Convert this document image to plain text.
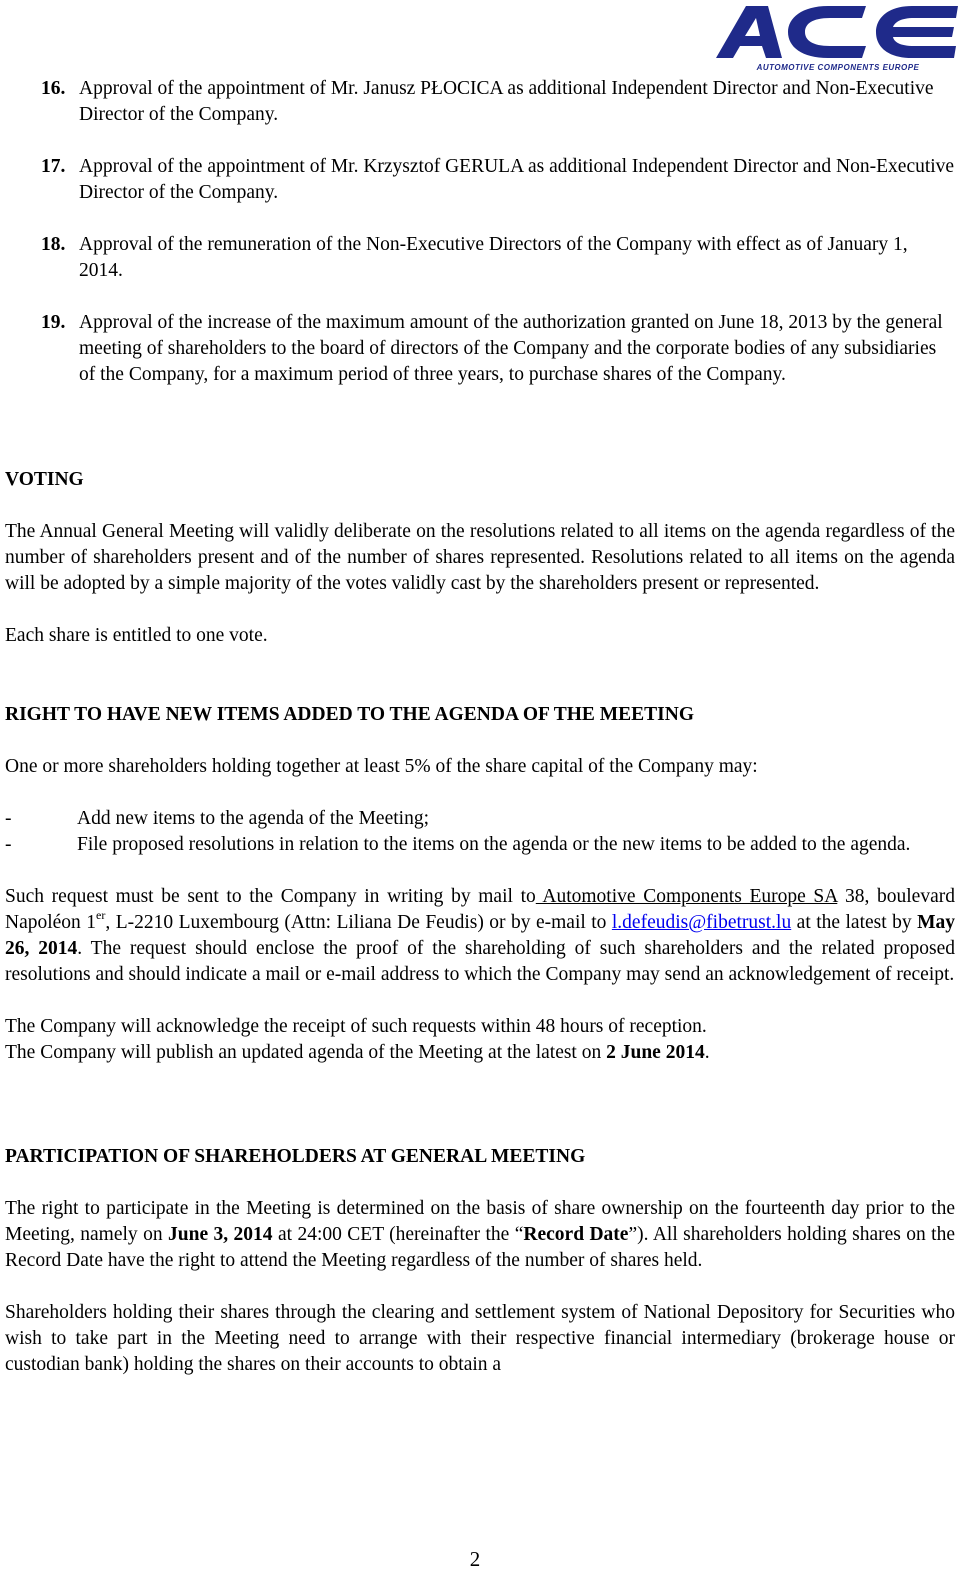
AUTOMOTIVE COMPONENTS EUROPE
16. Approval of the appointment of Mr. Janusz PŁOCICA as additional Independent Director and Non-Executive Director of the Company.
17. Approval of the appointment of Mr. Krzysztof GERULA as additional Independent Director and Non-Executive Director of the Company.
18. Approval of the remuneration of the Non-Executive Directors of the Company with effect as of January 1, 2014.
19. Approval of the increase of the maximum amount of the authorization granted on June 18, 2013 by the general meeting of shareholders to the board of directors of the Company and the corporate bodies of any subsidiaries of the Company, for a maximum period of three years, to purchase shares of the Company.

VOTING

The Annual General Meeting will validly deliberate on the resolutions related to all items on the agenda regardless of the number of shareholders present and of the number of shares represented. Resolutions related to all items on the agenda will be adopted by a simple majority of the votes validly cast by the shareholders present or represented.

Each share is entitled to one vote.

RIGHT TO HAVE NEW ITEMS ADDED TO THE AGENDA OF THE MEETING

One or more shareholders holding together at least 5% of the share capital of the Company may:

-	Add new items to the agenda of the Meeting;
-	File proposed resolutions in relation to the items on the agenda or the new items to be added to the agenda.

Such request must be sent to the Company in writing by mail to Automotive Components Europe SA 38, boulevard Napoléon 1er, L-2210 Luxembourg (Attn: Liliana De Feudis) or by e-mail to l.defeudis@fibetrust.lu at the latest by May 26, 2014. The request should enclose the proof of the shareholding of such shareholders and the related proposed resolutions and should indicate a mail or e-mail address to which the Company may send an acknowledgement of receipt.

The Company will acknowledge the receipt of such requests within 48 hours of reception.

The Company will publish an updated agenda of the Meeting at the latest on 2 June 2014.

PARTICIPATION OF SHAREHOLDERS AT GENERAL MEETING

The right to participate in the Meeting is determined on the basis of share ownership on the fourteenth day prior to the Meeting, namely on June 3, 2014 at 24:00 CET (hereinafter the “Record Date”). All shareholders holding shares on the Record Date have the right to attend the Meeting regardless of the number of shares held.

Shareholders holding their shares through the clearing and settlement system of National Depository for Securities who wish to take part in the Meeting need to arrange with their respective financial intermediary (brokerage house or custodian bank) holding the shares on their accounts to obtain a

2
